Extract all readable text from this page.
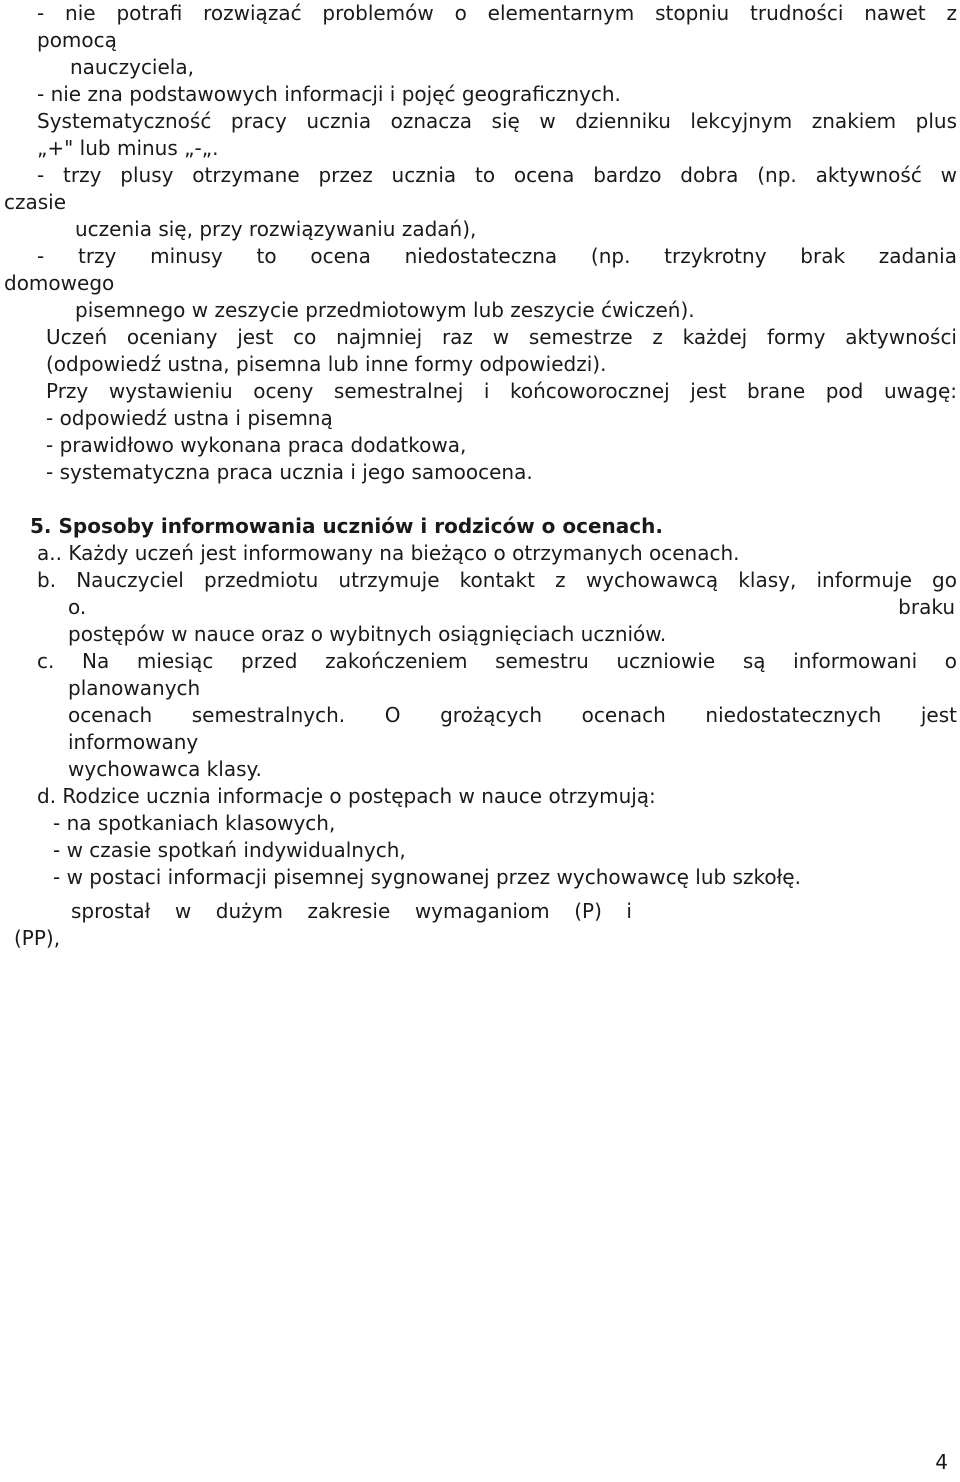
- nie potrafi rozwiązać problemów o elementarnym stopniu trudności nawet z
pomocą
nauczyciela,
- nie zna podstawowych informacji i pojęć geograficznych.
Systematyczność pracy ucznia oznacza się w dzienniku lekcyjnym znakiem plus
„+" lub minus „-„.
- trzy plusy otrzymane przez ucznia to ocena bardzo dobra (np. aktywność w
czasie
uczenia się, przy rozwiązywaniu zadań),
- trzy minusy to ocena niedostateczna (np. trzykrotny brak zadania
domowego
pisemnego w zeszycie przedmiotowym lub zeszycie ćwiczeń).
Uczeń oceniany jest co najmniej raz w semestrze z każdej formy aktywności
(odpowiedź ustna, pisemna lub inne formy odpowiedzi).
Przy wystawieniu oceny semestralnej i końcoworocznej jest brane pod uwagę:
- odpowiedź ustna i pisemną
- prawidłowo wykonana praca dodatkowa,
- systematyczna praca ucznia i jego samoocena.
5. Sposoby informowania uczniów i rodziców o ocenach.
a.. Każdy uczeń jest informowany na bieżąco o otrzymanych ocenach.
b. Nauczyciel przedmiotu utrzymuje kontakt z wychowawcą klasy, informuje go
o. braku
postępów w nauce oraz o wybitnych osiągnięciach uczniów.
c. Na miesiąc przed zakończeniem semestru uczniowie są informowani o
planowanych
ocenach semestralnych. O grożących ocenach niedostatecznych jest
informowany
wychowawca klasy.
d. Rodzice ucznia informacje o postępach w nauce otrzymują:
- na spotkaniach klasowych,
- w czasie spotkań indywidualnych,
- w postaci informacji pisemnej sygnowanej przez wychowawcę lub szkołę.
sprostał w dużym zakresie wymaganiom (P) i
(PP),
4
